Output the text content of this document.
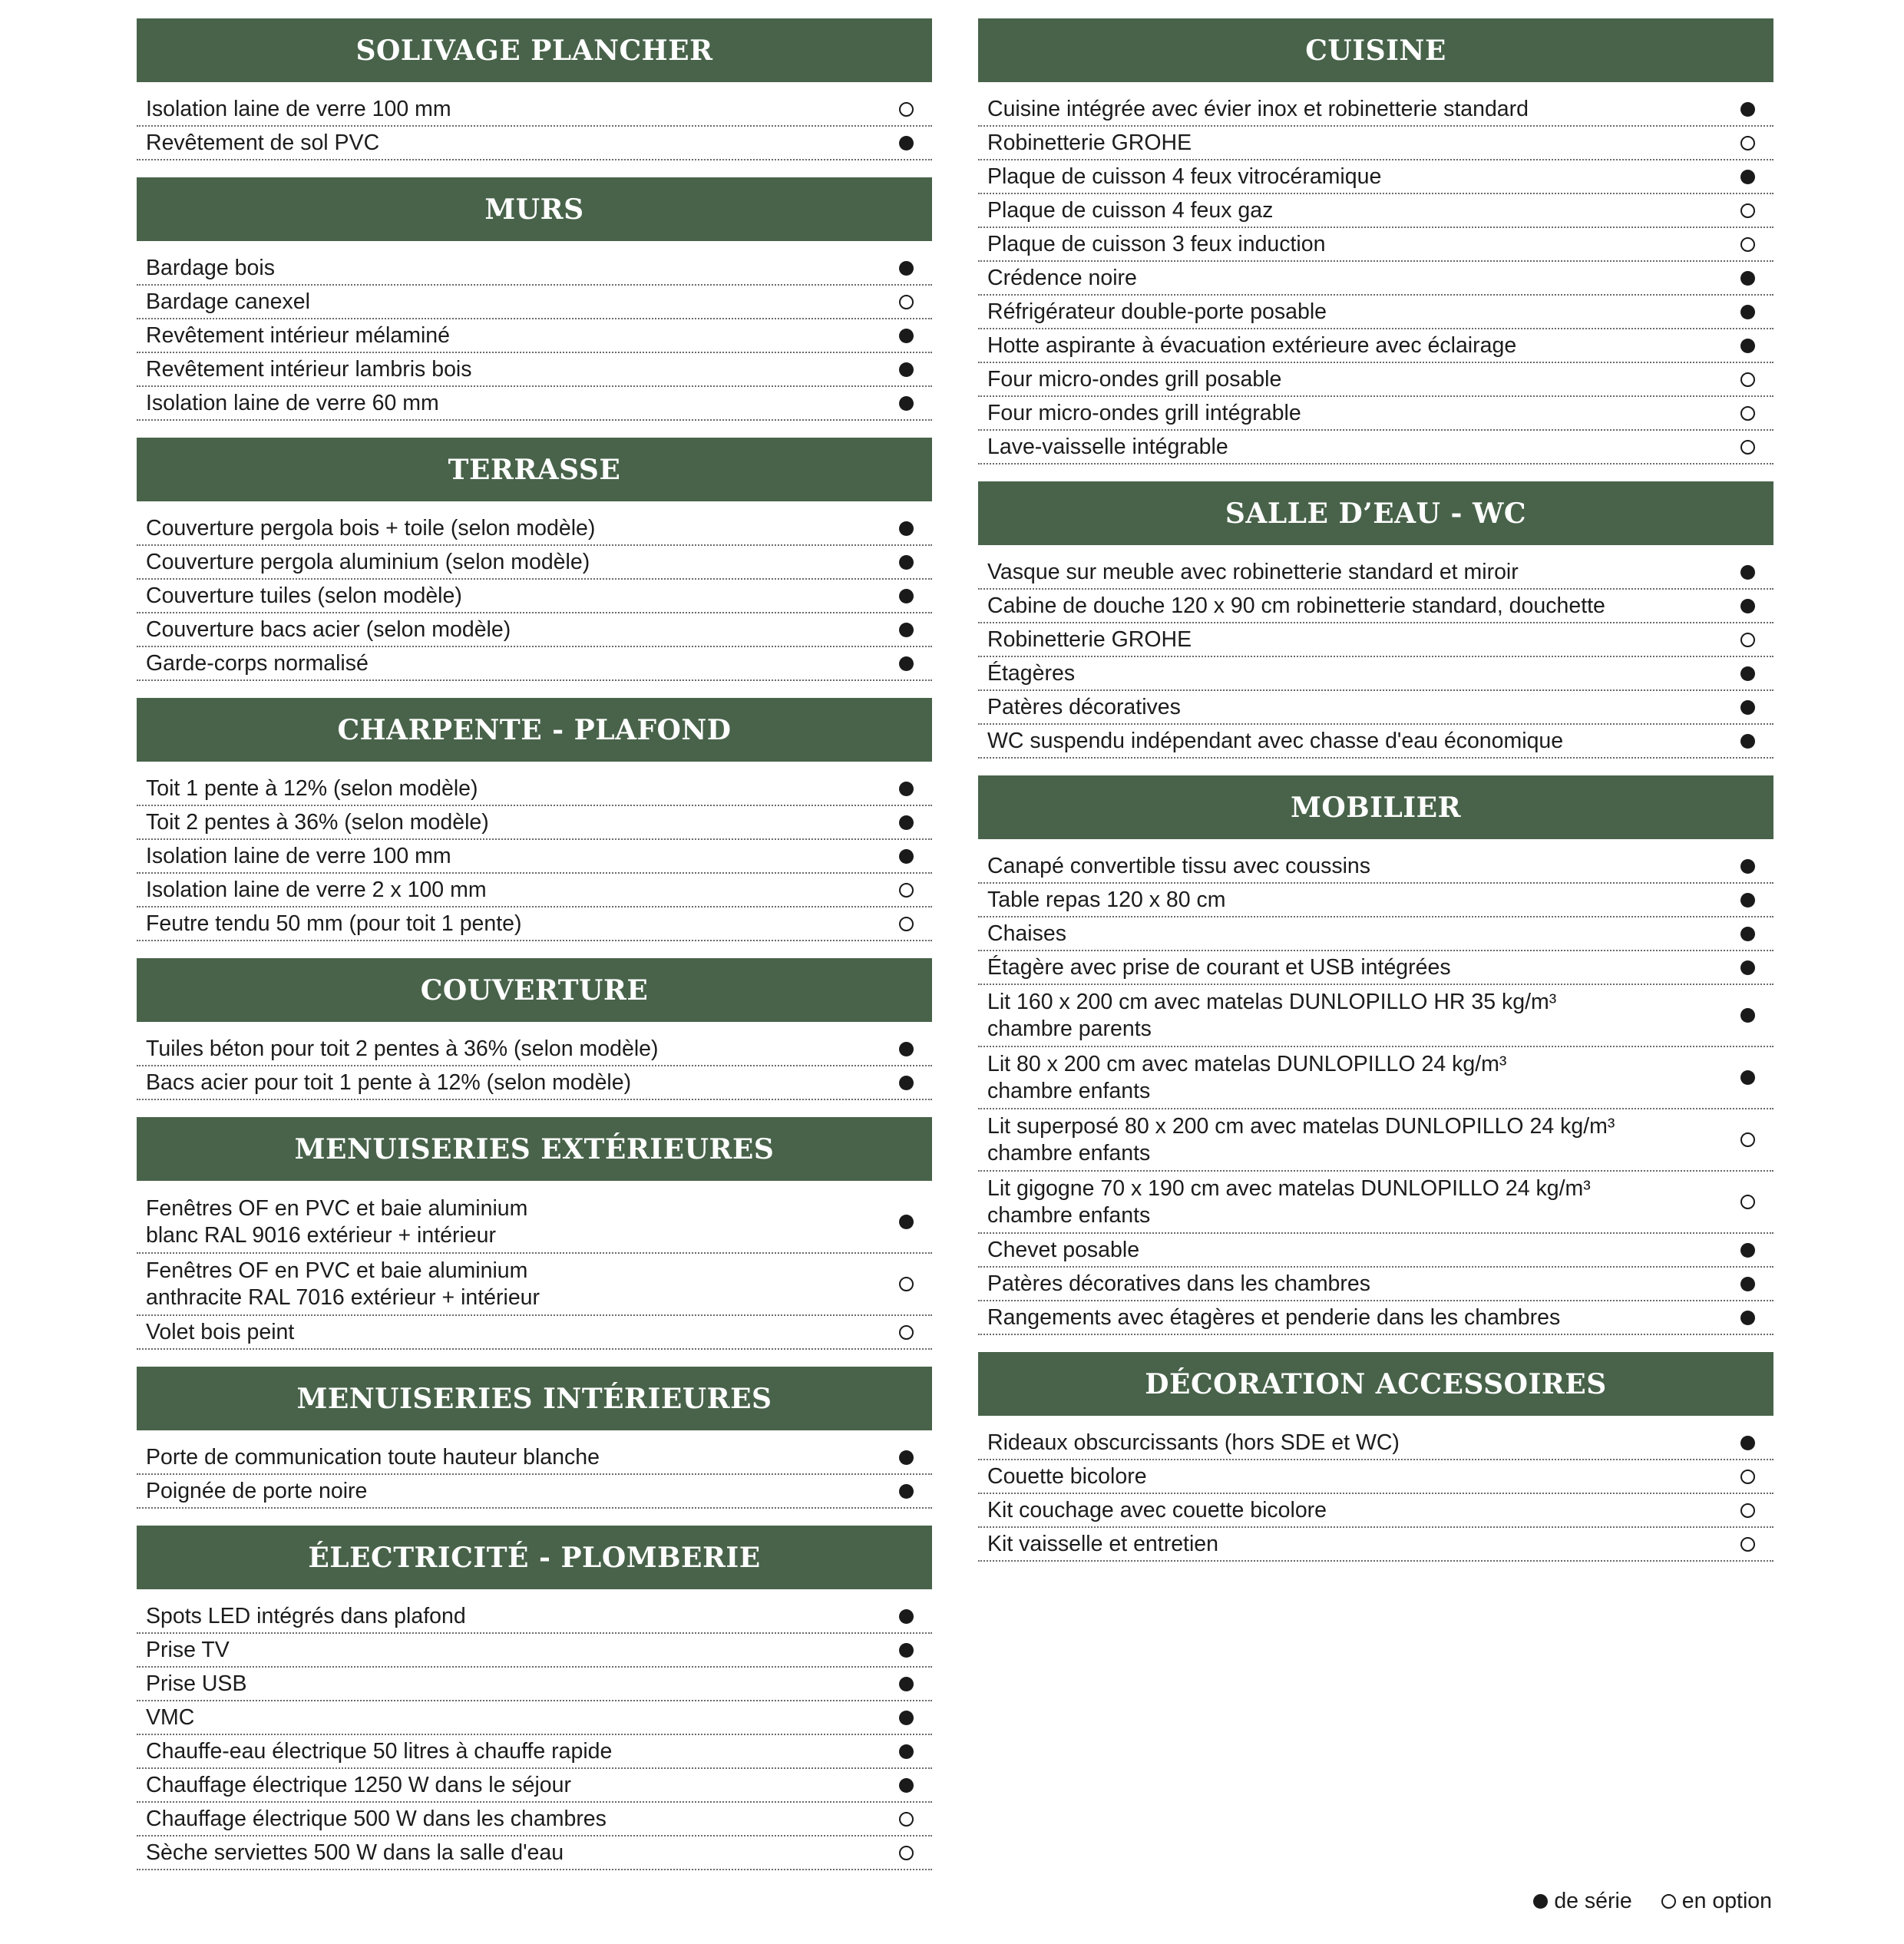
SOLIVAGE PLANCHER
Isolation laine de verre 100 mm
Revêtement de sol PVC
MURS
Bardage bois
Bardage canexel
Revêtement intérieur mélaminé
Revêtement intérieur lambris bois
Isolation laine de verre 60 mm
TERRASSE
Couverture pergola bois + toile (selon modèle)
Couverture pergola aluminium (selon modèle)
Couverture tuiles (selon modèle)
Couverture bacs acier (selon modèle)
Garde-corps normalisé
CHARPENTE - PLAFOND
Toit 1 pente à 12% (selon modèle)
Toit 2 pentes à 36% (selon modèle)
Isolation laine de verre 100 mm
Isolation laine de verre 2 x 100 mm
Feutre tendu 50 mm (pour toit 1 pente)
COUVERTURE
Tuiles béton pour toit 2 pentes à 36% (selon modèle)
Bacs acier pour toit 1 pente à 12% (selon modèle)
MENUISERIES EXTÉRIEURES
Fenêtres OF en PVC et baie aluminium
blanc RAL 9016 extérieur + intérieur
Fenêtres OF en PVC et baie aluminium
anthracite RAL 7016 extérieur + intérieur
Volet bois peint
MENUISERIES INTÉRIEURES
Porte de communication toute hauteur blanche
Poignée de porte noire
ÉLECTRICITÉ - PLOMBERIE
Spots LED intégrés dans plafond
Prise TV
Prise USB
VMC
Chauffe-eau électrique 50 litres à chauffe rapide
Chauffage électrique 1250 W dans le séjour
Chauffage électrique 500 W dans les chambres
Sèche serviettes 500 W dans la salle d'eau
CUISINE
Cuisine intégrée avec évier inox et robinetterie standard
Robinetterie GROHE
Plaque de cuisson 4 feux vitrocéramique
Plaque de cuisson 4 feux gaz
Plaque de cuisson 3 feux induction
Crédence noire
Réfrigérateur double-porte posable
Hotte aspirante à évacuation extérieure avec éclairage
Four micro-ondes grill posable
Four micro-ondes grill intégrable
Lave-vaisselle intégrable
SALLE D’EAU - WC
Vasque sur meuble avec robinetterie standard et miroir
Cabine de douche 120 x 90 cm robinetterie standard, douchette
Robinetterie GROHE
Étagères
Patères décoratives
WC suspendu indépendant avec chasse d'eau économique
MOBILIER
Canapé convertible tissu avec coussins
Table repas 120 x 80 cm
Chaises
Étagère avec prise de courant et USB intégrées
Lit 160 x 200 cm avec matelas DUNLOPILLO HR 35 kg/m³
chambre parents
Lit 80 x 200 cm avec matelas DUNLOPILLO 24 kg/m³
chambre enfants
Lit superposé 80 x 200 cm avec matelas DUNLOPILLO 24 kg/m³
chambre enfants
Lit gigogne 70 x 190 cm avec matelas DUNLOPILLO 24 kg/m³
chambre enfants
Chevet posable
Patères décoratives dans les chambres
Rangements avec étagères et penderie dans les chambres
DÉCORATION ACCESSOIRES
Rideaux obscurcissants (hors SDE et WC)
Couette bicolore
Kit couchage avec couette bicolore
Kit vaisselle et entretien
de série en option
